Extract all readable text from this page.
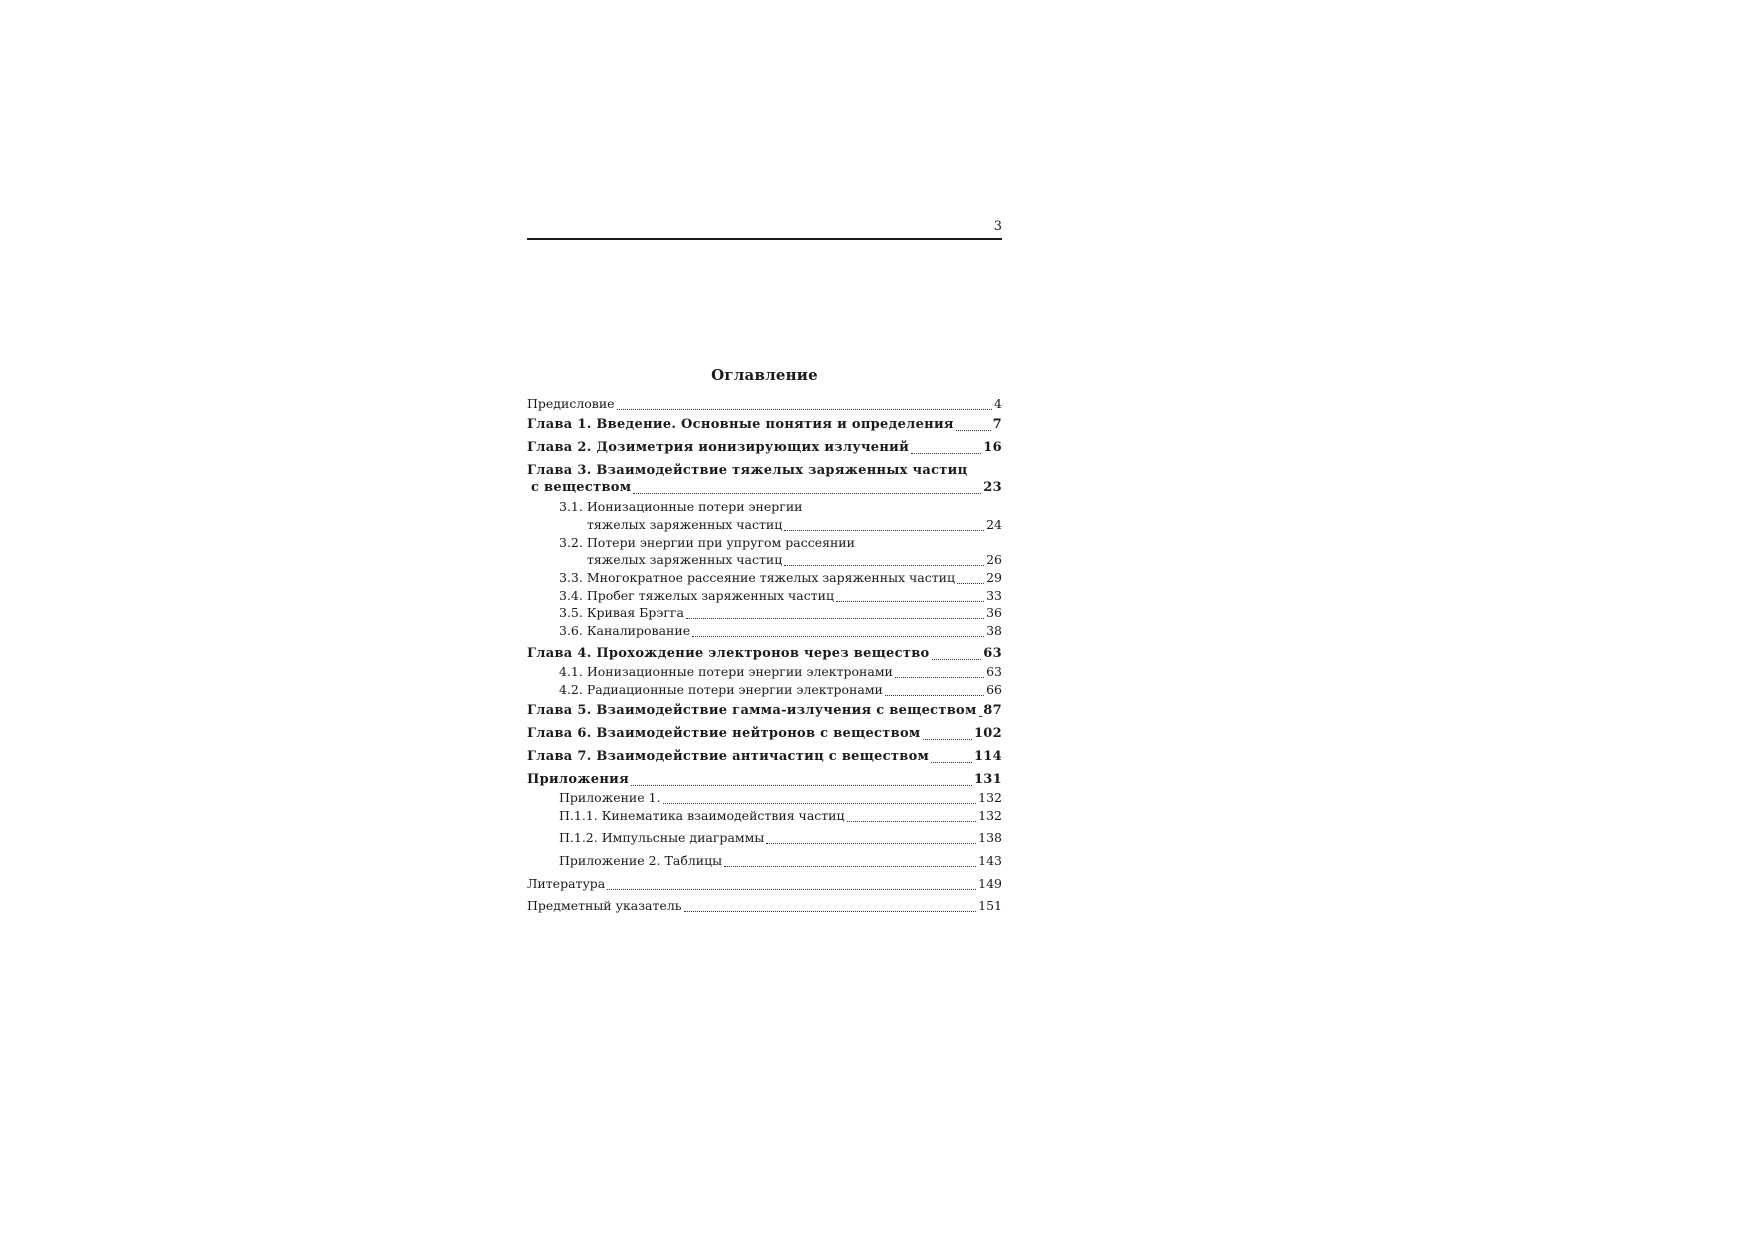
3
Оглавление
Предисловие	4
Глава 1. Введение. Основные понятия и определения	7
Глава 2. Дозиметрия ионизирующих излучений	16
Глава 3. Взаимодействие тяжелых заряженных частиц
с веществом	23
3.1. Ионизационные потери энергии
тяжелых заряженных частиц	24
3.2. Потери энергии при упругом рассеянии
тяжелых заряженных частиц	26
3.3. Многократное рассеяние тяжелых заряженных частиц 29
3.4. Пробег тяжелых заряженных частиц	33
3.5. Кривая Брэгга	36
3.6. Каналирование	38
Глава 4. Прохождение электронов через вещество	63
4.1. Ионизационные потери энергии электронами	63
4.2. Радиационные потери энергии электронами	66
Глава 5. Взаимодействие гамма-излучения с веществом 87
Глава 6. Взаимодействие нейтронов с веществом	102
Глава 7. Взаимодействие античастиц с веществом	114
Приложения	131
Приложение 1.	132
П.1.1. Кинематика взаимодействия частиц	132
П.1.2. Импульсные диаграммы	138
Приложение 2. Таблицы	143
Литература	149
Предметный указатель	151
